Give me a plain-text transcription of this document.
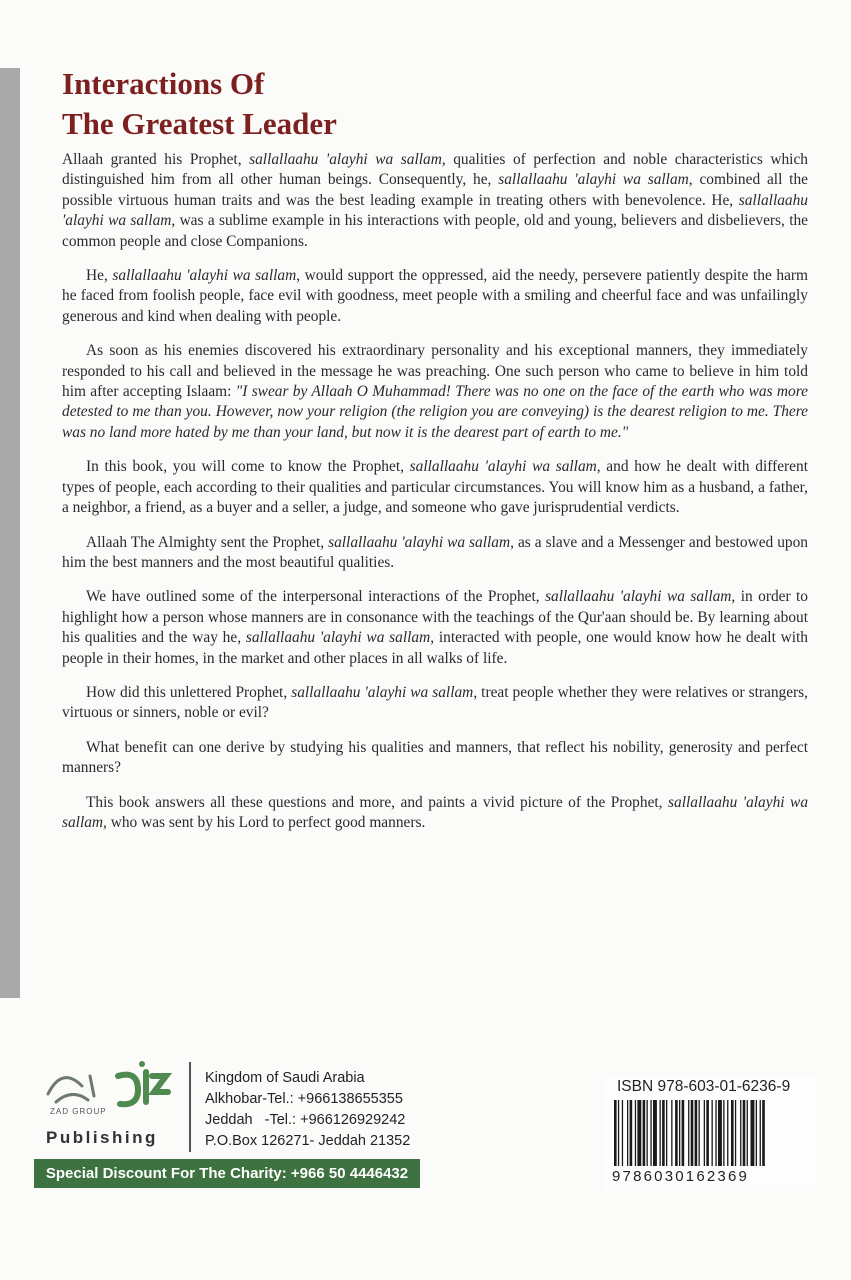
Interactions Of
The Greatest Leader

Allaah granted his Prophet, sallallaahu 'alayhi wa sallam, qualities of perfection and noble characteristics which distinguished him from all other human beings. Consequently, he, sallallaahu 'alayhi wa sallam, combined all the possible virtuous human traits and was the best leading example in treating others with benevolence. He, sallallaahu 'alayhi wa sallam, was a sublime example in his interactions with people, old and young, believers and disbelievers, the common people and close Companions.

He, sallallaahu 'alayhi wa sallam, would support the oppressed, aid the needy, persevere patiently despite the harm he faced from foolish people, face evil with goodness, meet people with a smiling and cheerful face and was unfailingly generous and kind when dealing with people.

As soon as his enemies discovered his extraordinary personality and his exceptional manners, they immediately responded to his call and believed in the message he was preaching. One such person who came to believe in him told him after accepting Islaam: "I swear by Allaah O Muhammad! There was no one on the face of the earth who was more detested to me than you. However, now your religion (the religion you are conveying) is the dearest religion to me. There was no land more hated by me than your land, but now it is the dearest part of earth to me."

In this book, you will come to know the Prophet, sallallaahu 'alayhi wa sallam, and how he dealt with different types of people, each according to their qualities and particular circumstances. You will know him as a husband, a father, a neighbor, a friend, as a buyer and a seller, a judge, and someone who gave jurisprudential verdicts.

Allaah The Almighty sent the Prophet, sallallaahu 'alayhi wa sallam, as a slave and a Messenger and bestowed upon him the best manners and the most beautiful qualities.

We have outlined some of the interpersonal interactions of the Prophet, sallallaahu 'alayhi wa sallam, in order to highlight how a person whose manners are in consonance with the teachings of the Qur'aan should be. By learning about his qualities and the way he, sallallaahu 'alayhi wa sallam, interacted with people, one would know how he dealt with people in their homes, in the market and other places in all walks of life.

How did this unlettered Prophet, sallallaahu 'alayhi wa sallam, treat people whether they were relatives or strangers, virtuous or sinners, noble or evil?

What benefit can one derive by studying his qualities and manners, that reflect his nobility, generosity and perfect manners?

This book answers all these questions and more, and paints a vivid picture of the Prophet, sallallaahu 'alayhi wa sallam, who was sent by his Lord to perfect good manners.

ZAD GROUP
Publishing
Kingdom of Saudi Arabia
Alkhobar-Tel.: +966138655355
Jeddah   -Tel.: +966126929242
P.O.Box 126271- Jeddah 21352
Special Discount For The Charity: +966 50 4446432
ISBN 978-603-01-6236-9
9786030162369
